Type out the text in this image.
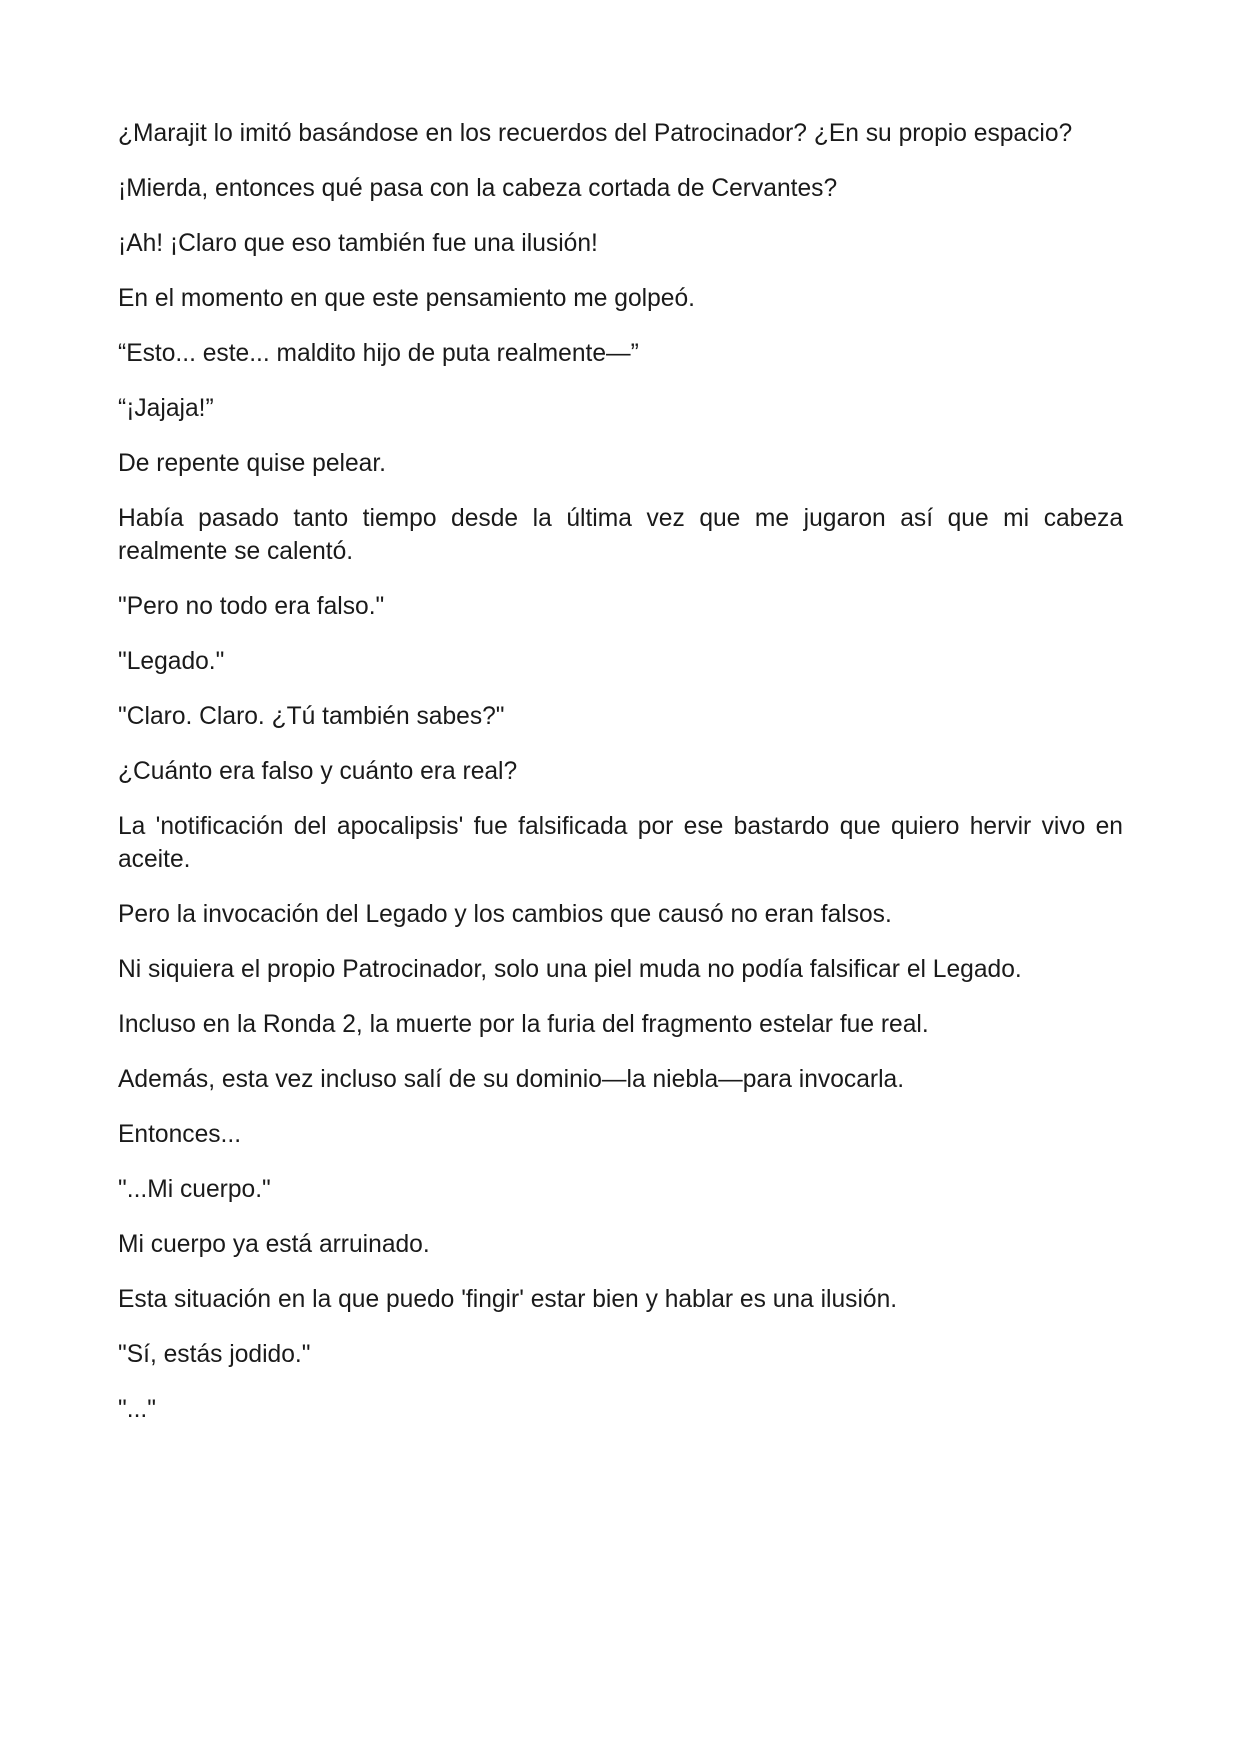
¿Marajit lo imitó basándose en los recuerdos del Patrocinador? ¿En su propio espacio?

¡Mierda, entonces qué pasa con la cabeza cortada de Cervantes?

¡Ah! ¡Claro que eso también fue una ilusión!

En el momento en que este pensamiento me golpeó.

“Esto... este... maldito hijo de puta realmente—”

“¡Jajaja!”

De repente quise pelear.

Había pasado tanto tiempo desde la última vez que me jugaron así que mi cabeza realmente se calentó.

"Pero no todo era falso."

"Legado."

"Claro. Claro. ¿Tú también sabes?"

¿Cuánto era falso y cuánto era real?

La 'notificación del apocalipsis' fue falsificada por ese bastardo que quiero hervir vivo en aceite.

Pero la invocación del Legado y los cambios que causó no eran falsos.

Ni siquiera el propio Patrocinador, solo una piel muda no podía falsificar el Legado.

Incluso en la Ronda 2, la muerte por la furia del fragmento estelar fue real.

Además, esta vez incluso salí de su dominio—la niebla—para invocarla.

Entonces...

"...Mi cuerpo."

Mi cuerpo ya está arruinado.

Esta situación en la que puedo 'fingir' estar bien y hablar es una ilusión.

"Sí, estás jodido."

"..."
